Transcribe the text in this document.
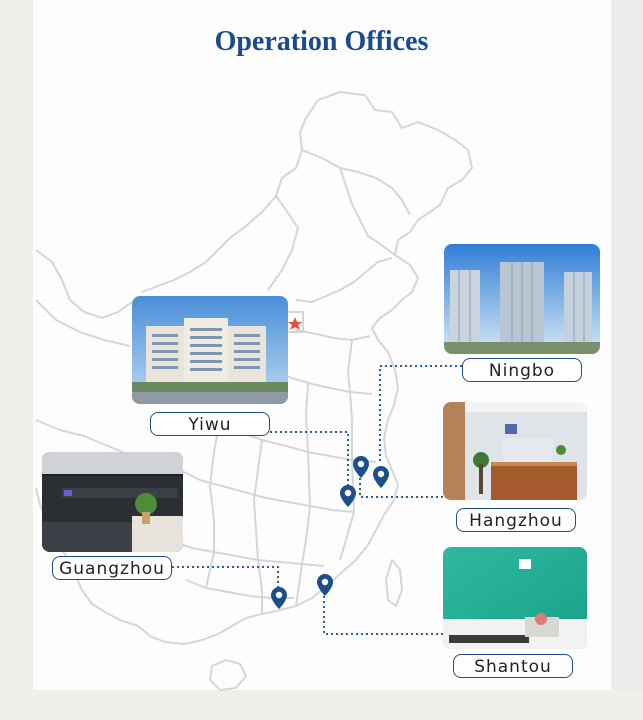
Operation Offices
Yiwu
Ningbo
Hangzhou
Guangzhou
Shantou
